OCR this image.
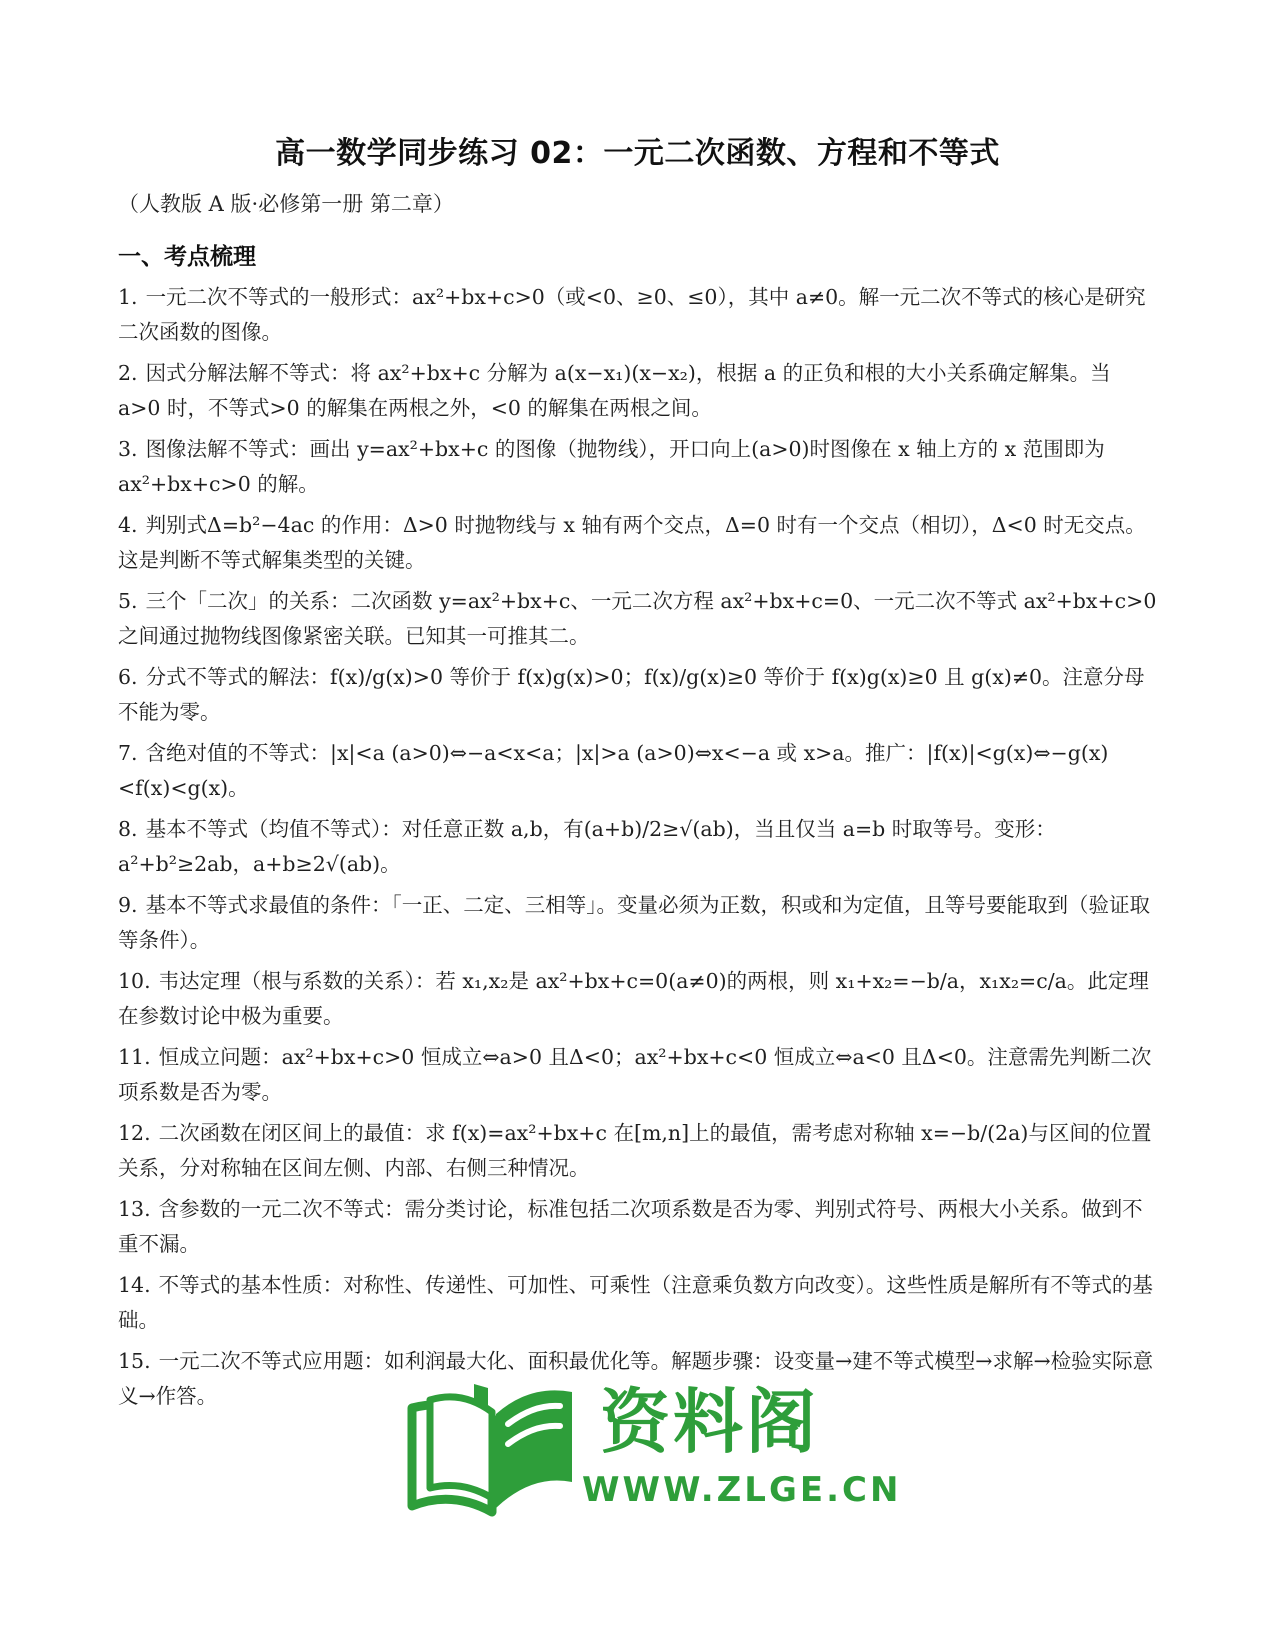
高一数学同步练习 02：一元二次函数、方程和不等式
（人教版 A 版·必修第一册 第二章）
一、考点梳理
1. 一元二次不等式的一般形式：ax²+bx+c>0（或<0、≥0、≤0），其中 a≠0。解一元二次不等式的核心是研究二次函数的图像。
2. 因式分解法解不等式：将 ax²+bx+c 分解为 a(x−x₁)(x−x₂)，根据 a 的正负和根的大小关系确定解集。当 a>0 时，不等式>0 的解集在两根之外，<0 的解集在两根之间。
3. 图像法解不等式：画出 y=ax²+bx+c 的图像（抛物线），开口向上(a>0)时图像在 x 轴上方的 x 范围即为 ax²+bx+c>0 的解。
4. 判别式Δ=b²−4ac 的作用：Δ>0 时抛物线与 x 轴有两个交点，Δ=0 时有一个交点（相切），Δ<0 时无交点。这是判断不等式解集类型的关键。
5. 三个「二次」的关系：二次函数 y=ax²+bx+c、一元二次方程 ax²+bx+c=0、一元二次不等式 ax²+bx+c>0 之间通过抛物线图像紧密关联。已知其一可推其二。
6. 分式不等式的解法：f(x)/g(x)>0 等价于 f(x)g(x)>0；f(x)/g(x)≥0 等价于 f(x)g(x)≥0 且 g(x)≠0。注意分母不能为零。
7. 含绝对值的不等式：|x|<a (a>0)⇔−a<x<a；|x|>a (a>0)⇔x<−a 或 x>a。推广：|f(x)|<g(x)⇔−g(x)<f(x)<g(x)。
8. 基本不等式（均值不等式）：对任意正数 a,b，有(a+b)/2≥√(ab)，当且仅当 a=b 时取等号。变形：a²+b²≥2ab，a+b≥2√(ab)。
9. 基本不等式求最值的条件：「一正、二定、三相等」。变量必须为正数，积或和为定值，且等号要能取到（验证取等条件）。
10. 韦达定理（根与系数的关系）：若 x₁,x₂是 ax²+bx+c=0(a≠0)的两根，则 x₁+x₂=−b/a，x₁x₂=c/a。此定理在参数讨论中极为重要。
11. 恒成立问题：ax²+bx+c>0 恒成立⇔a>0 且Δ<0；ax²+bx+c<0 恒成立⇔a<0 且Δ<0。注意需先判断二次项系数是否为零。
12. 二次函数在闭区间上的最值：求 f(x)=ax²+bx+c 在[m,n]上的最值，需考虑对称轴 x=−b/(2a)与区间的位置关系，分对称轴在区间左侧、内部、右侧三种情况。
13. 含参数的一元二次不等式：需分类讨论，标准包括二次项系数是否为零、判别式符号、两根大小关系。做到不重不漏。
14. 不等式的基本性质：对称性、传递性、可加性、可乘性（注意乘负数方向改变）。这些性质是解所有不等式的基础。
15. 一元二次不等式应用题：如利润最大化、面积最优化等。解题步骤：设变量→建不等式模型→求解→检验实际意义→作答。	资料阁
WWW.ZLGE.CN
